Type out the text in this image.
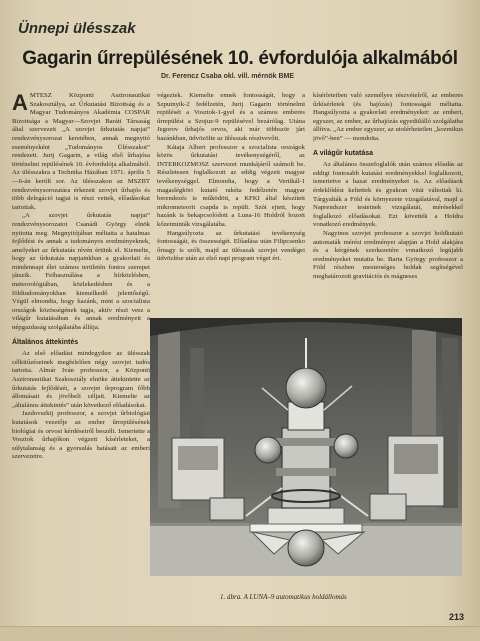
Ünnepi ülésszak
Gagarin űrrepülésének 10. évfordulója alkalmából
Dr. Ferencz Csaba okl. vill. mérnök BME
A MTESZ Központi Asztronautikai Szakosztálya, az Űrkutatási Bizottság és a Magyar Tudományos Akadémia COSPAR Bizottsága a Magyar—Szovjet Baráti Társaság által szervezett „A szovjet űrkutatás napjai” rendezvénysorozat keretében, annak megnyitó eseményeként „Tudományos Ülésszakot” rendezett. Jurij Gagarin, a világ első űrhajósa történelmi repülésének 10. évfordulója alkalmából. Az ülésszakra a Technika Házában 1971. április 5—6-án került sor. Az ülésszakon az MSZBT rendezvénysorozatára érkezett szovjet űrhajós és több delegáció tagjai is részt vettek, előadásokat tartottak.

„A szovjet űrkutatás napjai” rendezvénysorozatot Csanádi György elnök nyitotta meg. Megnyitójában méltatta a hatalmas fejlődést és annak a tudományos eredményeknek, amelyeket az űrkutatás révén értünk el. Kiemelte, hogy az űrkutatás napjainkban a gyakorlati és mindennapi élet számos területén fontos szerepet játszik. Felhasználása a hírközlésben, meteorológiában, közlekedésben és a földtudományokban kiemelkedő jelentőségű. Végül elmondta, hogy hazánk, mint a szocialista országok közösségének tagja, aktív részt vesz a világűr kutatásában és annak eredményeit a népgazdaság szolgálatába állítja.

Általános áttekintés

Az első előadást mindegyikre az ülésszak célkitűzéseinek megfelelően négy szovjet tudós tartotta. Almár Iván professzor, a Központi Asztronautikai Szakosztály elnöke áttekintette az űrkutatás fejlődését, a szovjet űrprogram főbb állomásait és jövőbeli céljait. Kiemelte az „általános áttekintés” után következő előadásokat.

Jazdovszkij professzor, a szovjet űrbiológiai kutatások vezetője az ember űrrepülésének biológiai és orvosi kérdéseiről beszélt. Ismertette a Vosztok űrhajókon végzett kísérleteket, a súlytalanság és a gyorsulás hatásait az emberi szervezetre.

végeztek. Kiemelte ennek fontosságát, hogy a Szputnyik-2 fedélzetén, Jurij Gagarin történelmi repülését a Vosztok-1-gyel és a számos emberes űrrepülést a Szojuz-9 repülésével bezárólag. Utána Jegorov űrhajós orvos, aki már többször járt hazánkban, üdvözölte az ülésszak résztvevőit.

Kátaja Albert professzor a szocialista országok közös űrkutatási tevékenységéről, az INTERKOZMOSZ szervezet munkájáról számolt be. Részletesen foglalkozott az eddig végzett magyar tevékenységgel. Elmondta, hogy a Vertikál-1 magaslégköri kutató rakéta fedélzetén magyar berendezés is működött, a KFKI által készített mikrometeorit csapda is repült. Szót ejtett, hogy hazánk is bekapcsolódott a Luna-16 Holdról hozott kőzetminták vizsgálatába.

Hangsúlyozta az űrkutatási tevékenység fontosságát, és összességét. Előadása után Filipcsenko őrnagy is szólt, majd az ülésszak szovjet vendégei üdvözlése után az első napi program véget ért.

kísérleteiben való személyes részvételről, az emberes űrkísérletek (és hajózás) fontosságát méltatta. Hangsúlyozta a gyakorlati eredményeket: az embert, egyszer, az ember, az űrhajózás egyedülálló szolgálatba állítva. „Az ember egyszer, az utolérhetetlen „kozmikus jövő”-ben” — mondotta.

A világűr kutatása

Az általános összefoglalók után számos előadás az eddigi fontosabb kutatási eredményekkel foglalkozott, ismertetve a hazai eredményeket is. Az előadások érdeklődést keltettek és gyakran vitát váltottak ki. Tárgyalták a Föld és környezete vizsgálatával, majd a Naprendszer testeinek vizsgálatát, mérésekkel foglalkozó előadásokat. Ezt követték a Holdra vonatkozó eredmények.

Nagyinos szovjet professzor a szovjet holdkutató automaták mérési eredményei alapján a Hold alakjára és a kérgének szerkezetére vonatkozó legújabb eredményeket mutatta be. Barta György professzor a Föld részben mesterséges holdak segítségével meghatározott gravitációs és mágneses

1. ábra. A LUNA–9 automatikus holdállomás
213
